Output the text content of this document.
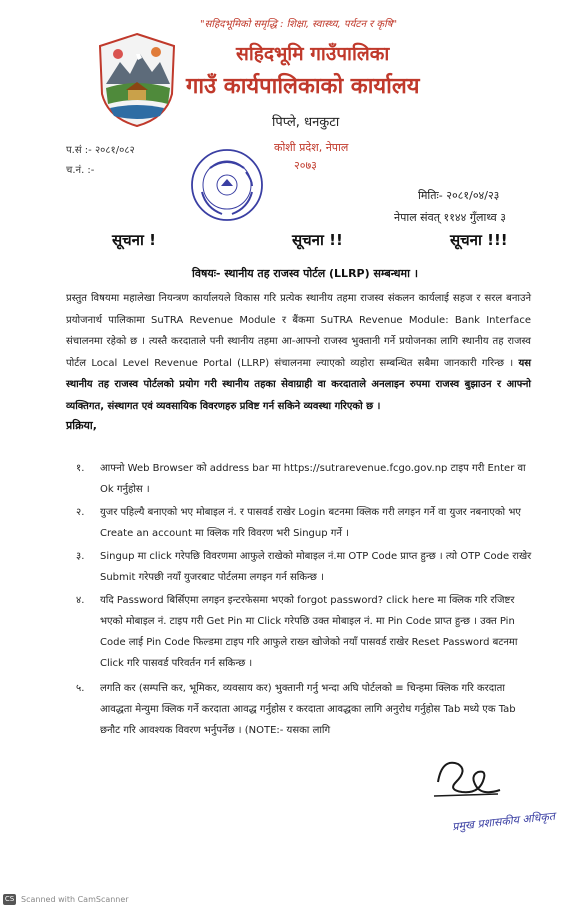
"सहिदभूमिको समृद्धि : शिक्षा, स्वास्थ्य, पर्यटन र कृषि"
सहिदभूमि गाउँपालिका
गाउँ कार्यपालिकाको कार्यालय
पिप्ले, धनकुटा
कोशी प्रदेश, नेपाल
२०७३
प.सं :- २०८१/०८२
च.नं. :-
मितिः- २०८१/०४/२३
नेपाल संवत् ११४४ गुँलाथ्व ३
सूचना !	सूचना !!	सूचना !!!
विषयः- स्थानीय तह राजस्व पोर्टल (LLRP) सम्बन्धमा ।
प्रस्तुत विषयमा महालेखा नियन्त्रण कार्यालयले विकास गरि प्रत्येक स्थानीय तहमा राजस्व संकलन कार्यलाई सहज र सरल बनाउने प्रयोजनार्थ पालिकामा SuTRA Revenue Module र बैंकमा SuTRA Revenue Module: Bank Interface संचालनमा रहेको छ । त्यस्तै करदाताले पनी स्थानीय तहमा आ-आफ्नो राजस्व भुक्तानी गर्ने प्रयोजनका लागि स्थानीय तह राजस्व पोर्टल Local Level Revenue Portal (LLRP) संचालनमा ल्याएको व्यहोरा सम्बन्धित सबैमा जानकारी गरिन्छ । यस स्थानीय तह राजस्व पोर्टलको प्रयोग गरी स्थानीय तहका सेवाग्राही वा करदाताले अनलाइन रुपमा राजस्व बुझाउन र आफ्नो व्यक्तिगत, संस्थागत एवं व्यवसायिक विवरणहरु प्रविष्ट गर्न सकिने व्यवस्था गरिएको छ ।
प्रक्रिया,
१. आफ्नो Web Browser को address bar मा https://sutrarevenue.fcgo.gov.np टाइप गरी Enter वा Ok गर्नुहोस ।
२. युजर पहिल्यै बनाएको भए मोबाइल नं. र पासवर्ड राखेर Login बटनमा क्लिक गरी लगइन गर्ने वा युजर नबनाएको भए Create an account मा क्लिक गरि विवरण भरी Singup गर्ने ।
३. Singup मा click गरेपछि विवरणमा आफुले राखेको मोबाइल नं.मा OTP Code प्राप्त हुन्छ । त्यो OTP Code राखेर Submit गरेपछी नयाँ युजरबाट पोर्टलमा लगइन गर्न सकिन्छ ।
४. यदि Password बिर्सिएमा लगइन इन्टरफेसमा भएको forgot password? click here मा क्लिक गरि रजिष्टर भएको मोबाइल नं. टाइप गरी Get Pin मा Click गरेपछि उक्त मोबाइल नं. मा Pin Code प्राप्त हुन्छ । उक्त Pin Code लाई Pin Code फिल्डमा टाइप गरि आफुले राख्न खोजेको नयाँ पासवर्ड राखेर Reset Password बटनमा Click गरि पासवर्ड परिवर्तन गर्न सकिन्छ ।
५. लगति कर (सम्पत्ति कर, भूमिकर, व्यवसाय कर) भुक्तानी गर्नु भन्दा अघि पोर्टलको ≡ चिन्हमा क्लिक गरि करदाता आवद्धता मेन्युमा क्लिक गर्ने करदाता आवद्ध गर्नुहोस र करदाता आवद्धका लागि अनुरोध गर्नुहोस Tab मध्ये एक Tab छनौट गरि आवश्यक विवरण भर्नुपर्नेछ । (NOTE:- यसका लागि
प्रमुख प्रशासकीय अधिकृत
CS Scanned with CamScanner
